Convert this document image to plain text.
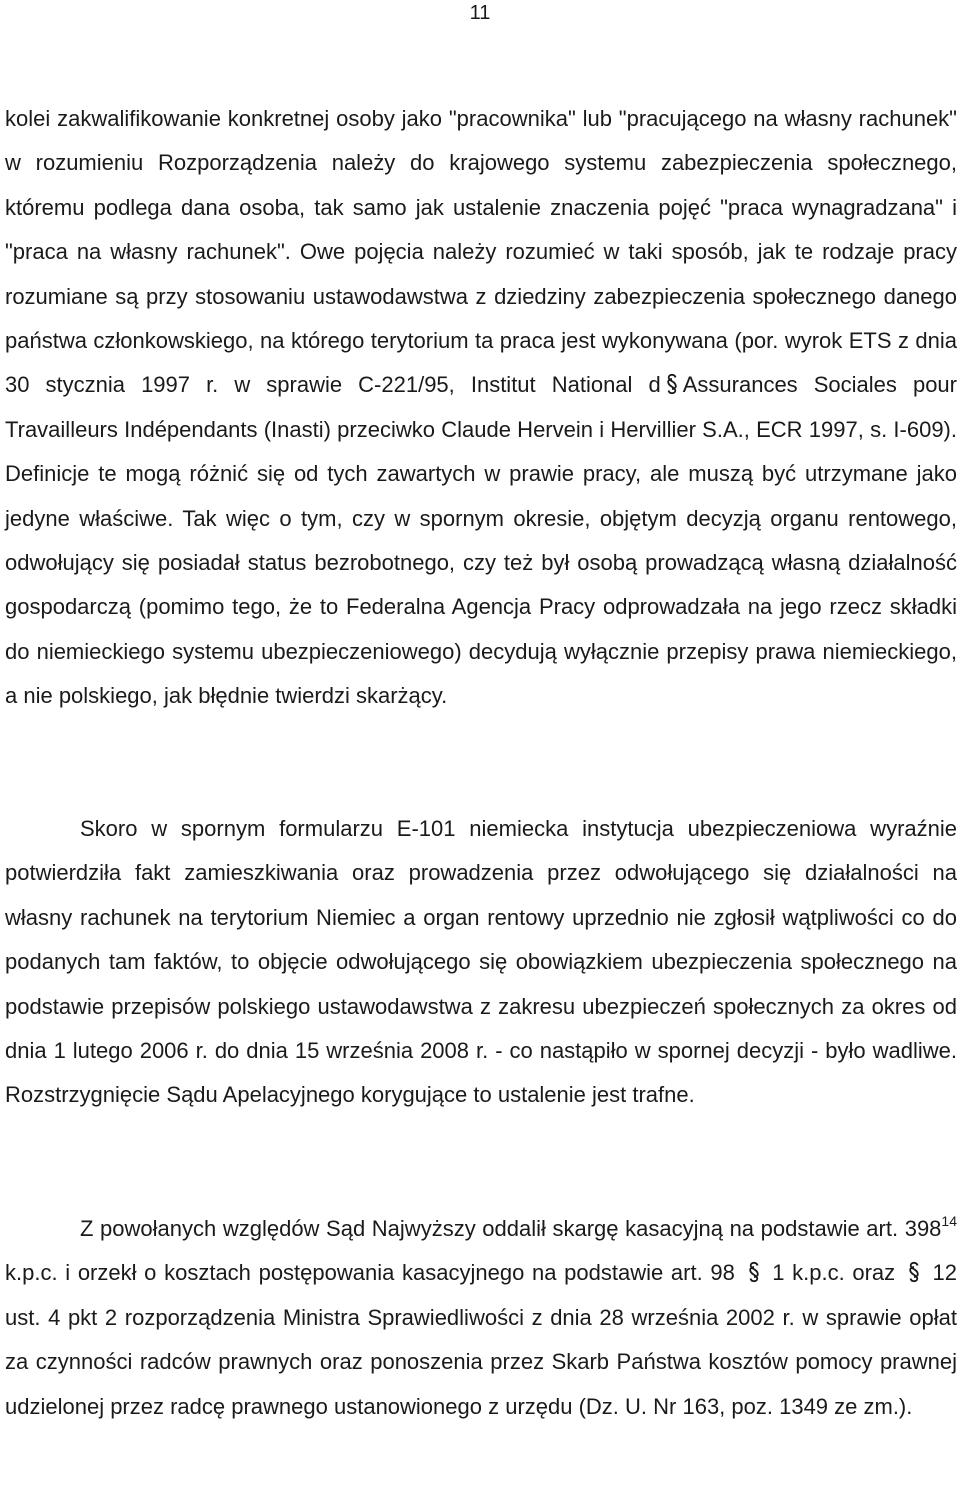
11

kolei zakwalifikowanie konkretnej osoby jako "pracownika" lub "pracującego na własny rachunek" w rozumieniu Rozporządzenia należy do krajowego systemu zabezpieczenia społecznego, któremu podlega dana osoba, tak samo jak ustalenie znaczenia pojęć "praca wynagradzana" i "praca na własny rachunek". Owe pojęcia należy rozumieć w taki sposób, jak te rodzaje pracy rozumiane są przy stosowaniu ustawodawstwa z dziedziny zabezpieczenia społecznego danego państwa członkowskiego, na którego terytorium ta praca jest wykonywana (por. wyrok ETS z dnia 30 stycznia 1997 r. w sprawie C-221/95, Institut National d Assurances Sociales pour Travailleurs Indépendants (Inasti) przeciwko Claude Hervein i Hervillier S.A., ECR 1997, s. I-609). Definicje te mogą różnić się od tych zawartych w prawie pracy, ale muszą być utrzymane jako jedyne właściwe. Tak więc o tym, czy w spornym okresie, objętym decyzją organu rentowego, odwołujący się posiadał status bezrobotnego, czy też był osobą prowadzącą własną działalność gospodarczą (pomimo tego, że to Federalna Agencja Pracy odprowadzała na jego rzecz składki do niemieckiego systemu ubezpieczeniowego) decydują wyłącznie przepisy prawa niemieckiego, a nie polskiego, jak błędnie twierdzi skarżący.

Skoro w spornym formularzu E-101 niemiecka instytucja ubezpieczeniowa wyraźnie potwierdziła fakt zamieszkiwania oraz prowadzenia przez odwołującego się działalności na własny rachunek na terytorium Niemiec a organ rentowy uprzednio nie zgłosił wątpliwości co do podanych tam faktów, to objęcie odwołującego się obowiązkiem ubezpieczenia społecznego na podstawie przepisów polskiego ustawodawstwa z zakresu ubezpieczeń społecznych za okres od dnia 1 lutego 2006 r. do dnia 15 września 2008 r. - co nastąpiło w spornej decyzji - było wadliwe. Rozstrzygnięcie Sądu Apelacyjnego korygujące to ustalenie jest trafne.

Z powołanych względów Sąd Najwyższy oddalił skargę kasacyjną na podstawie art. $398^{14}$ k.p.c. i orzekł o kosztach postępowania kasacyjnego na podstawie art. 98  1 k.p.c. oraz  12 ust. 4 pkt 2 rozporządzenia Ministra Sprawiedliwości z dnia 28 września 2002 r. w sprawie opłat za czynności radców prawnych oraz ponoszenia przez Skarb Państwa kosztów pomocy prawnej udzielonej przez radcę prawnego ustanowionego z urzędu (Dz. U. Nr 163, poz. 1349 ze zm.).
